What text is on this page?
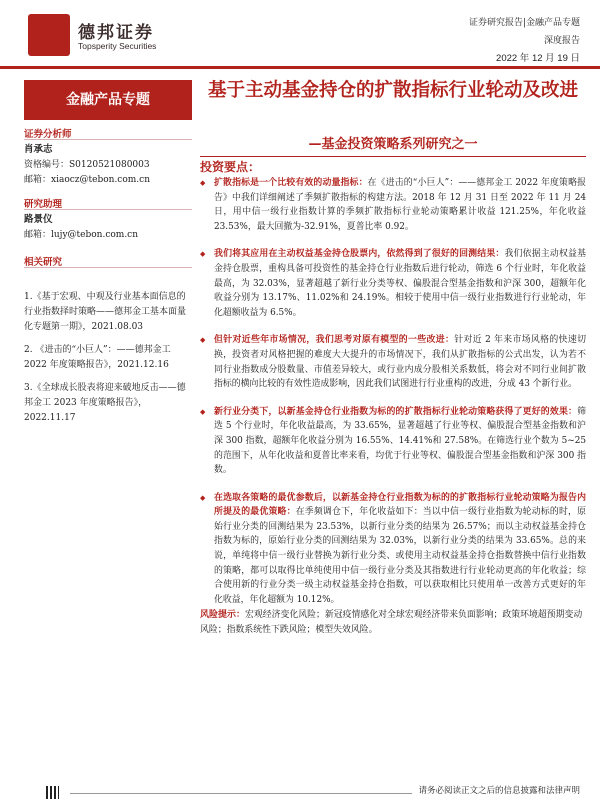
德邦证券
Topsperity Securities
证券研究报告|金融产品专题
深度报告
2022 年 12 月 19 日
金融产品专题
证券分析师
肖承志
资格编号：S0120521080003
邮箱：xiaocz@tebon.com.cn
研究助理
路景仪
邮箱：lujy@tebon.com.cn
相关研究
1.《基于宏观、中观及行业基本面信息的行业指数择时策略——德邦金工基本面量化专题第一期》，2021.08.03
2. 《进击的“小巨人”：——德邦金工 2022 年度策略报告》，2021.12.16
3.《全球成长股表将迎来破地反击——德邦金工 2023 年度策略报告》，2022.11.17
基于主动基金持仓的扩散指标行业轮动及改进
—基金投资策略系列研究之一
投资要点：
◆ 扩散指标是一个比较有效的动量指标：在《进击的“小巨人”：——德邦金工 2022 年度策略报告》中我们详细阐述了季频扩散指标的构建方法。2018 年 12 月 31 日至 2022 年 11 月 24 日，用中信一级行业指数计算的季频扩散指标行业轮动策略累计收益 121.25%，年化收益 23.53%，最大回撤为-32.91%，夏普比率 0.92。
◆ 我们将其应用在主动权益基金持仓股票内，依然得到了很好的回测结果：我们依据主动权益基金持仓股票，重构具备可投资性的基金持仓行业指数后进行轮动，筛选 6 个行业时，年化收益最高，为 32.03%，显著超越了新行业分类等权、偏股混合型基金指数和沪深 300，超额年化收益分别为 13.17%、11.02%和 24.19%。相较于使用中信一级行业指数进行行业轮动，年化超额收益为 6.5%。
◆ 但针对近些年市场情况，我们思考对原有模型的一些改进：针对近 2 年来市场风格的快速切换，投资者对风格把握的难度大大提升的市场情况下，我们从扩散指标的公式出发，认为若不同行业指数成分股数量、市值差异较大，或行业内成分股相关系数低，将会对不同行业间扩散指标的横向比较的有效性造成影响，因此我们试图进行行业重构的改进，分成 43 个新行业。
◆ 新行业分类下，以新基金持仓行业指数为标的的扩散指标行业轮动策略获得了更好的效果：筛选 5 个行业时，年化收益最高，为 33.65%，显著超越了行业等权、偏股混合型基金指数和沪深 300 指数，超额年化收益分别为 16.55%、14.41%和 27.58%。在筛选行业个数为 5~25 的范围下，从年化收益和夏普比率来看，均优于行业等权、偏股混合型基金指数和沪深 300 指数。
◆ 在选取各策略的最优参数后，以新基金持仓行业指数为标的的扩散指标行业轮动策略为报告内所提及的最优策略：在季频调仓下，年化收益如下：当以中信一级行业指数为轮动标的时，原始行业分类的回测结果为 23.53%，以新行业分类的结果为 26.57%；而以主动权益基金持仓指数为标的，原始行业分类的回测结果为 32.03%，以新行业分类的结果为 33.65%。总的来说，单纯将中信一级行业替换为新行业分类、或使用主动权益基金持仓指数替换中信行业指数的策略，都可以取得比单纯使用中信一级行业分类及其指数进行行业轮动更高的年化收益；综合使用新的行业分类一级主动权益基金持仓指数，可以获取相比只使用单一改善方式更好的年化收益，年化超额为 10.12%。
风险提示：宏观经济变化风险；新冠疫情感化对全球宏观经济带来负面影响；政策环境超预期变动风险；指数系统性下跌风险；模型失效风险。
请务必阅读正文之后的信息披露和法律声明
